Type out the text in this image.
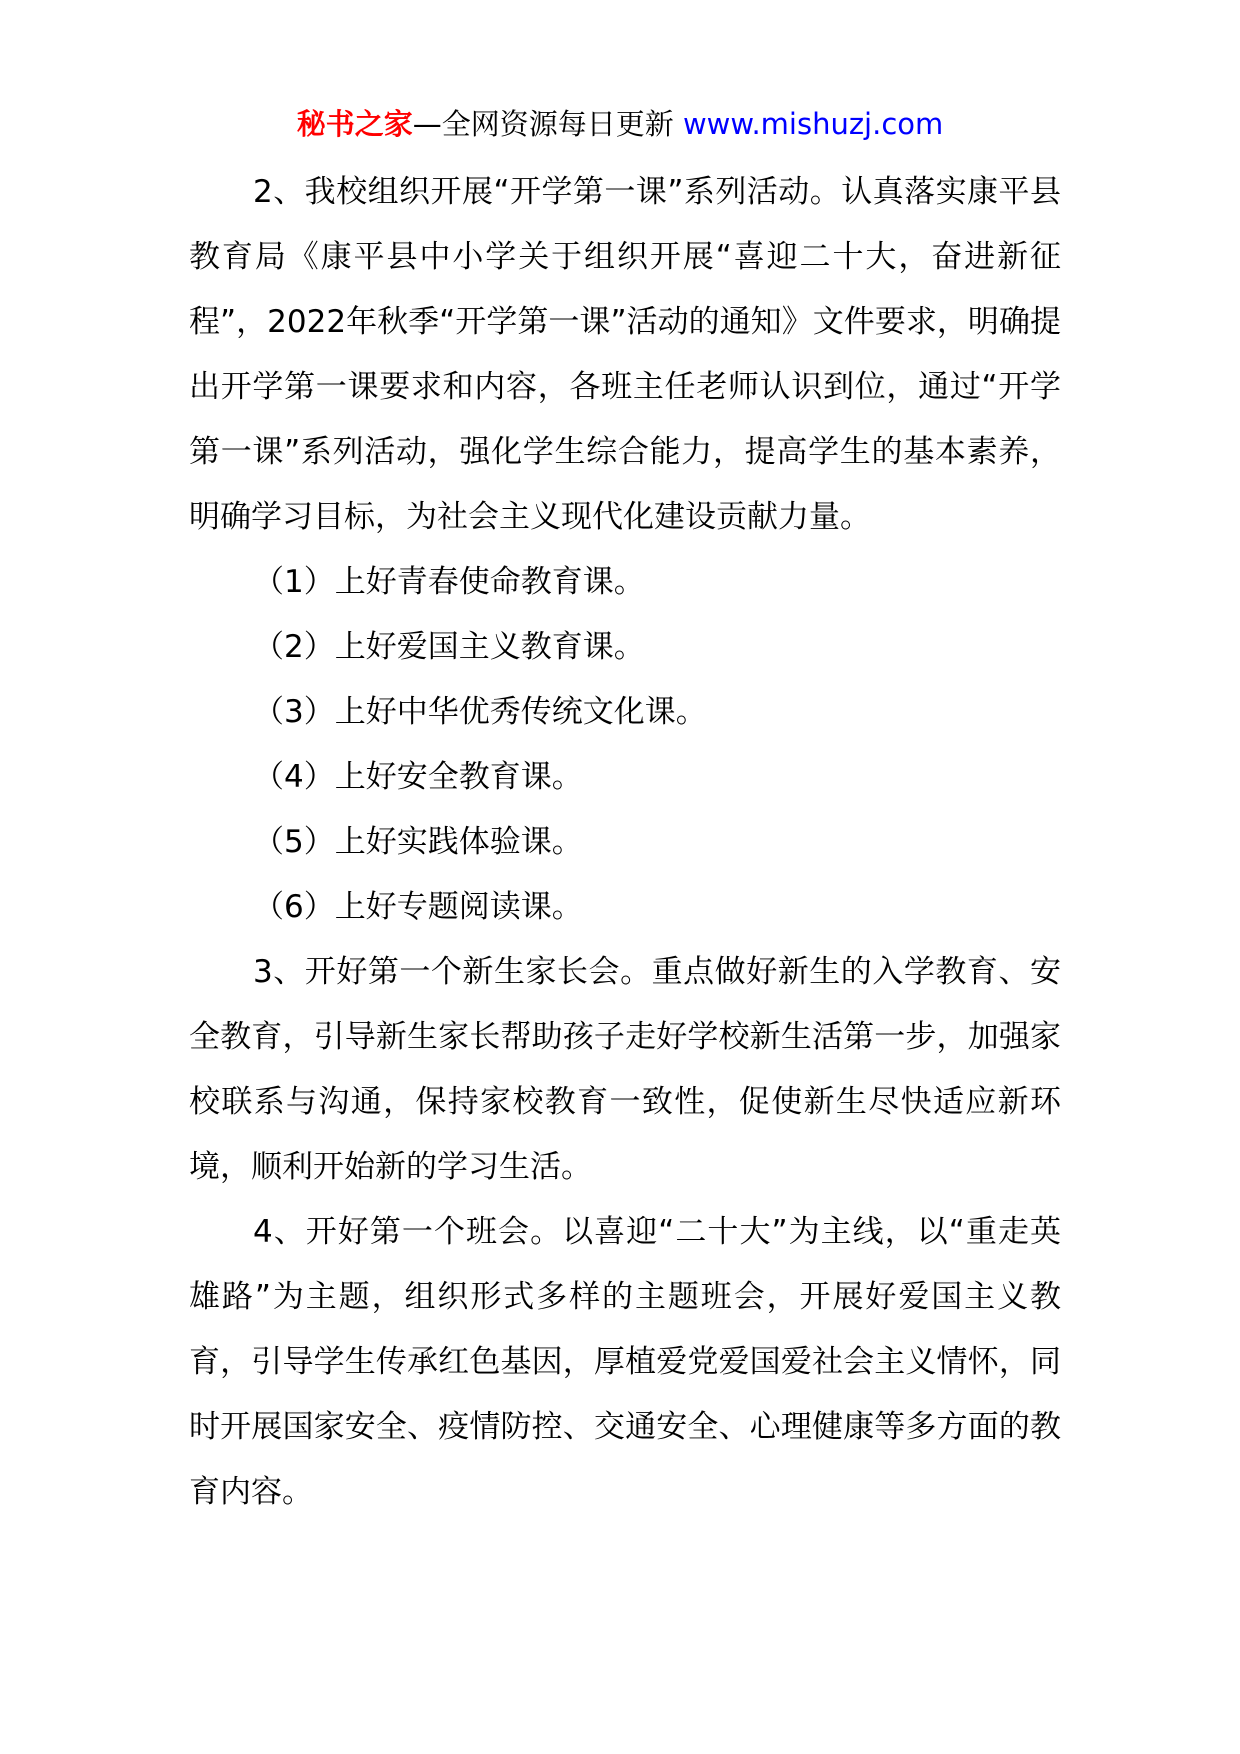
秘书之家—全网资源每日更新 www.mishuzj.com

2、我校组织开展“开学第一课”系列活动。认真落实康平县教育局《康平县中小学关于组织开展“喜迎二十大，奋进新征程”，2022年秋季“开学第一课”活动的通知》文件要求，明确提出开学第一课要求和内容，各班主任老师认识到位，通过“开学第一课”系列活动，强化学生综合能力，提高学生的基本素养，明确学习目标，为社会主义现代化建设贡献力量。

（1）上好青春使命教育课。

（2）上好爱国主义教育课。

（3）上好中华优秀传统文化课。

（4）上好安全教育课。

（5）上好实践体验课。

（6）上好专题阅读课。

3、开好第一个新生家长会。重点做好新生的入学教育、安全教育，引导新生家长帮助孩子走好学校新生活第一步，加强家校联系与沟通，保持家校教育一致性，促使新生尽快适应新环境，顺利开始新的学习生活。

4、开好第一个班会。以喜迎“二十大”为主线，以“重走英雄路”为主题，组织形式多样的主题班会，开展好爱国主义教育，引导学生传承红色基因，厚植爱党爱国爱社会主义情怀，同时开展国家安全、疫情防控、交通安全、心理健康等多方面的教育内容。
